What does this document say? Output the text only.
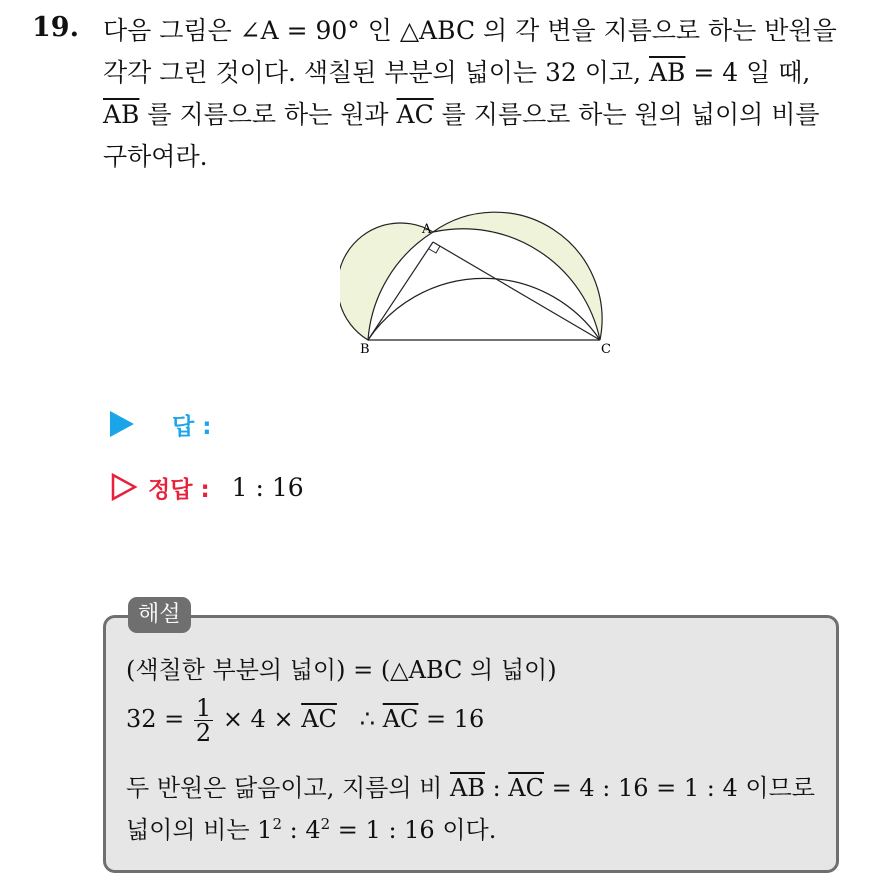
19. 다음 그림은 ∠A = 90° 인 △ABC 의 각 변을 지름으로 하는 반원을
각각 그린 것이다. 색칠된 부분의 넓이는 32 이고, $\overline{AB} = 4$ 일 때,
$\overline{AB}$ 를 지름으로 하는 원과 $\overline{AC}$ 를 지름으로 하는 원의 넓이의 비를
구하여라.
A
B	C
답 :
정답 : 1 : 16
해설
(색칠한 부분의 넓이) = (△ABC 의 넓이)
$32 = \frac{1}{2} \times 4 \times \overline{AC}$   ∴ $\overline{AC} = 16$
두 반원은 닮음이고, 지름의 비 $\overline{AB}$ : $\overline{AC} = 4$ : 16 = 1 : 4 이므로
넓이의 비는 $1^2$ : $4^2 = 1$ : 16 이다.
